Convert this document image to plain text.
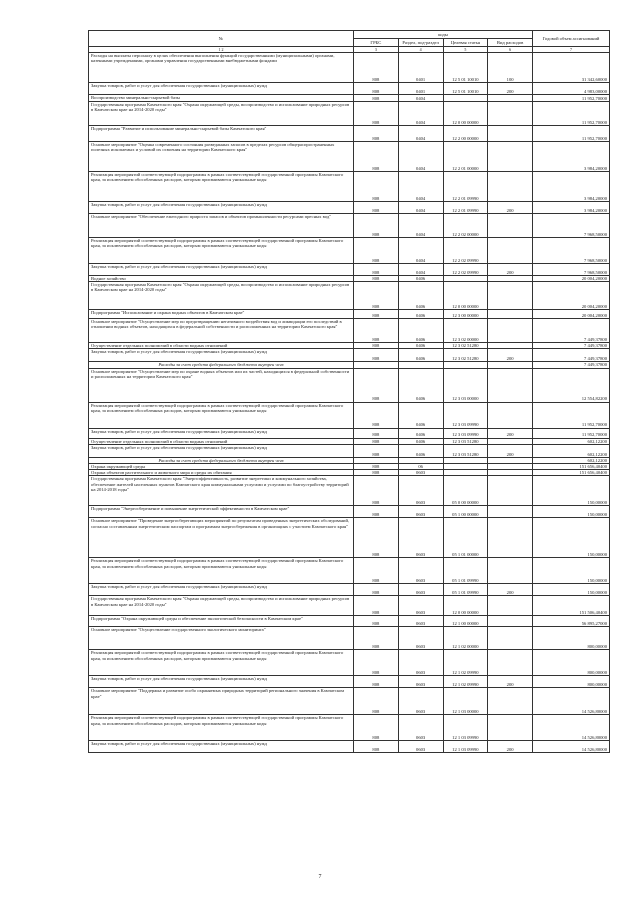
№	коды				Годовой объем ассигнований
	ГРБС	Раздел, под-раздел	Целевая статья	Вид расходов	
1 2	3	4	5	6	7
Расходы на выплаты персоналу в целях обеспечения выполнения функций государственными (муниципальными) органами, казенными учреждениями, органами управления государственными внебюджетными фондами	808	0401	12 5 01 10010	100	31 342,60000
Закупка товаров, работ и услуг для обеспечения государственных (муниципальных) нужд	808	0401	12 5 01 10010	200	4 983,00000
Воспроизводство минерально-сырьевой базы	808	0404			11 952,70000
Государственная программа Камчатского края "Охрана окружающей среды, воспроизводство и использование природных ресурсов в Камчатском крае на 2014-2020 годы"	808	0404	12 0 00 00000		11 952,70000
Подпрограмма "Развитие и использование минерально-сырьевой базы Камчатского края"	808	0404	12 2 00 00000		11 952,70000
Основное мероприятие "Оценка современного состояния разведанных запасов в пределах ресурсов общераспространенных полезных ископаемых и условий их освоения на территории Камчатского края"	808	0404	12 2 01 00000		3 984,20000
Реализация мероприятий соответствующей подпрограммы в рамках соответствующей государственной программы Камчатского края, за исключением обособленных расходов, которым присваиваются уникальные коды	808	0404	12 2 01 09990		3 984,20000
Закупка товаров, работ и услуг для обеспечения государственных (муниципальных) нужд	808	0404	12 2 01 09990	200	3 984,20000
Основное мероприятие "Обеспечение ежегодного прироста запасов и объектов промышленности ресурсами пресных вод"	808	0404	12 2 02 00000		7 968,50000
Реализация мероприятий соответствующей подпрограммы в рамках соответствующей государственной программы Камчатского края, за исключением обособленных расходов, которым присваиваются уникальные коды	808	0404	12 2 02 09990		7 968,50000
Закупка товаров, работ и услуг для обеспечения государственных (муниципальных) нужд	808	0404	12 2 02 09990	200	7 968,50000
Водное хозяйство	808	0406			20 004,20000
Государственная программа Камчатского края "Охрана окружающей среды, воспроизводство и использование природных ресурсов в Камчатском крае на 2014-2020 годы"	808	0406	12 0 00 00000		20 004,20000
Подпрограмма "Использование и охрана водных объектов в Камчатском крае"	808	0406	12 3 00 00000		20 004,20000
Основное мероприятие "Осуществление мер по предотвращению негативного воздействия вод и ликвидации его последствий в отношении водных объектов, находящихся в федеральной собственности и расположенных на территории Камчатского края"	808	0406	12 3 02 00000		7 449,37800
Осуществление отдельных полномочий в области водных отношений	808	0406	12 3 02 51280		7 449,37800
Закупка товаров, работ и услуг для обеспечения государственных (муниципальных) нужд	808	0406	12 3 02 51280	200	7 449,37800
Расходы за счет средств федерального бюджета внутрен чегв					7 449,37800
Основное мероприятие "Осуществление мер по охране водных объектов или их частей, находящихся в федеральной собственности и расположенных на территории Камчатского края"	808	0406	12 3 03 00000		12 554,82200
Реализация мероприятий соответствующей подпрограммы в рамках соответствующей государственной программы Камчатского края, за исключением обособленных расходов, которым присваиваются уникальные коды	808	0406	12 3 03 09990		11 952,70000
Закупка товаров, работ и услуг для обеспечения государственных (муниципальных) нужд	808	0406	12 3 03 09990	200	11 952,70000
Осуществление отдельных полномочий в области водных отношений	808	0406	12 3 03 51280		602,12200
Закупка товаров, работ и услуг для обеспечения государственных (муниципальных) нужд	808	0406	12 3 03 51280	200	602,12200
Расходы за счет средств федерального бюджета внутрен чегв					602,12200
Охрана окружающей среды	808	06			151 656,40400
Охрана объектов растительного и животного мира и среды их обитания	808	0603			151 656,40400
Государственная программа Камчатского края "Энергоэффективность, развитие энергетики и коммунального хозяйства, обеспечение жителей населенных пунктов Камчатского края коммунальными услугами и услугами по благоустройству территорий на 2014-2018 годы"	808	0603	05 0 00 00000		150,00000
Подпрограмма "Энергосбережение и повышение энергетической эффективности в Камчатском крае"	808	0603	05 1 00 00000		150,00000
Основное мероприятие "Проведение энергосберегающих мероприятий по результатам проведенных энергетических обследований, согласно составленным энергетическим паспортам и программам энергосбережения в организациях с участием Камчатского края"	808	0603	05 1 01 00000		150,00000
Реализация мероприятий соответствующей подпрограммы в рамках соответствующей государственной программы Камчатского края, за исключением обособленных расходов, которым присваиваются уникальные коды	808	0603	05 1 01 09990		150,00000
Закупка товаров, работ и услуг для обеспечения государственных (муниципальных) нужд	808	0603	05 1 01 09990	200	150,00000
Государственная программа Камчатского края "Охрана окружающей среды, воспроизводство и использование природных ресурсов в Камчатском крае на 2014-2020 годы"	808	0603	12 0 00 00000		151 506,40400
Подпрограмма "Охрана окружающей среды и обеспечение экологической безопасности в Камчатском крае"	808	0603	12 1 00 00000		56 895,27000
Основное мероприятие "Осуществление государственного экологического мониторинга"	808	0603	12 1 02 00000		800,00000
Реализация мероприятий соответствующей подпрограммы в рамках соответствующей государственной программы Камчатского края, за исключением обособленных расходов, которым присваиваются уникальные коды	808	0603	12 1 02 09990		800,00000
Закупка товаров, работ и услуг для обеспечения государственных (муниципальных) нужд	808	0603	12 1 02 09990	200	800,00000
Основное мероприятие "Поддержка и развитие особо охраняемых природных территорий регионального значения в Камчатском крае"	808	0603	12 1 03 00000		14 526,80000
Реализация мероприятий соответствующей подпрограммы в рамках соответствующей государственной программы Камчатского края, за исключением обособленных расходов, которым присваиваются уникальные коды	808	0603	12 1 03 09990		14 526,80000
Закупка товаров, работ и услуг для обеспечения государственных (муниципальных) нужд	808	0603	12 1 03 09990	200	14 526,80000
7
